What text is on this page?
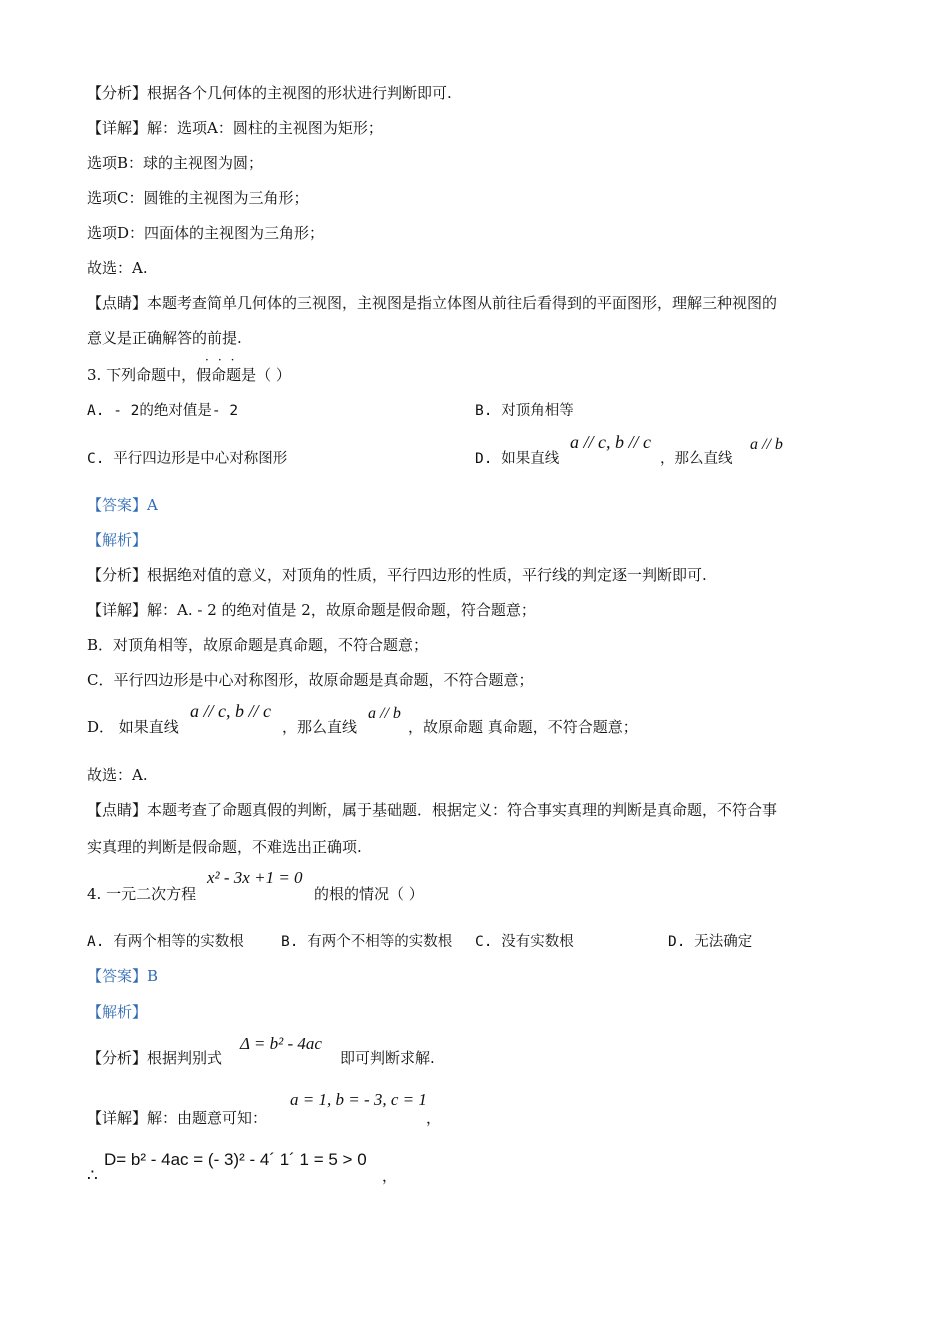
【分析】根据各个几何体的主视图的形状进行判断即可.
【详解】解：选项A：圆柱的主视图为矩形；
选项B：球的主视图为圆；
选项C：圆锥的主视图为三角形；
选项D：四面体的主视图为三角形；
故选：A.
【点睛】本题考查简单几何体的三视图，主视图是指立体图从前往后看得到的平面图形，理解三种视图的
意义是正确解答的前提.
···
3. 下列命题中，假命题是（ ）
A. - 2的绝对值是- 2	B. 对顶角相等
C. 平行四边形是中心对称图形	D. 如果直线
a // c, b // c
，那么直线
a // b
【答案】A
【解析】
【分析】根据绝对值的意义，对顶角的性质，平行四边形的性质，平行线的判定逐一判断即可.
【详解】解：A. - 2 的绝对值是 2，故原命题是假命题，符合题意；
B．对顶角相等，故原命题是真命题，不符合题意；
C．平行四边形是中心对称图形，故原命题是真命题，不符合题意；
D． 如果直线
a // c, b // c
，那么直线
a // b
，故原命题 真命题，不符合题意；
故选：A.
【点睛】本题考查了命题真假的判断，属于基础题．根据定义：符合事实真理的判断是真命题，不符合事
实真理的判断是假命题，不难选出正确项.
4. 一元二次方程
x² - 3x +1 = 0
的根的情况（ ）
A. 有两个相等的实数根	B. 有两个不相等的实数根 C. 没有实数根	D. 无法确定
【答案】B
【解析】
【分析】根据判别式
Δ = b² - 4ac
即可判断求解.
【详解】解：由题意可知：
a = 1, b = - 3, c = 1
，
∴
D= b² - 4ac = (- 3)² - 4´ 1´ 1 = 5 > 0
，
